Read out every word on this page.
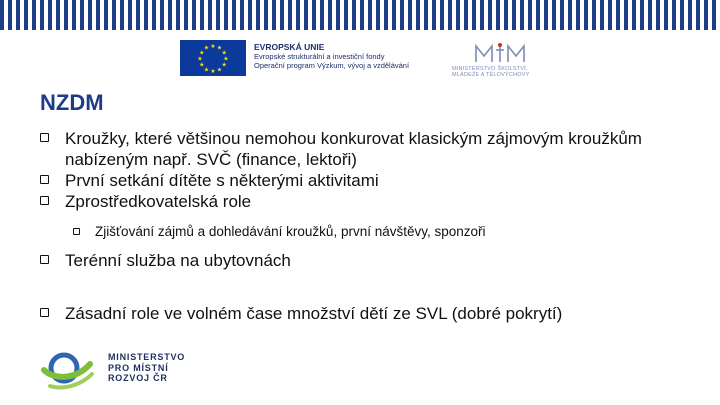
★ ★
★
★
★
★
★
★
★
★
★
★	EVROPSKÁ UNIE
Evropské strukturální a investiční fondy
Operační program Výzkum, vývoj a vzdělávání	MINISTERSTVO ŠKOLSTVÍ,
MLÁDEŽE A TĚLOVÝCHOVY
NZDM
Kroužky, které většinou nemohou konkurovat klasickým zájmovým kroužkům nabízeným např. SVČ (finance, lektoři)
První setkání dítěte s některými aktivitami
Zprostředkovatelská role
Zjišťování zájmů a dohledávání kroužků, první návštěvy, sponzoři
Terénní služba na ubytovnách
Zásadní role ve volném čase množství dětí ze SVL (dobré pokrytí)
MINISTERSTVO
PRO MÍSTNÍ
ROZVOJ ČR
